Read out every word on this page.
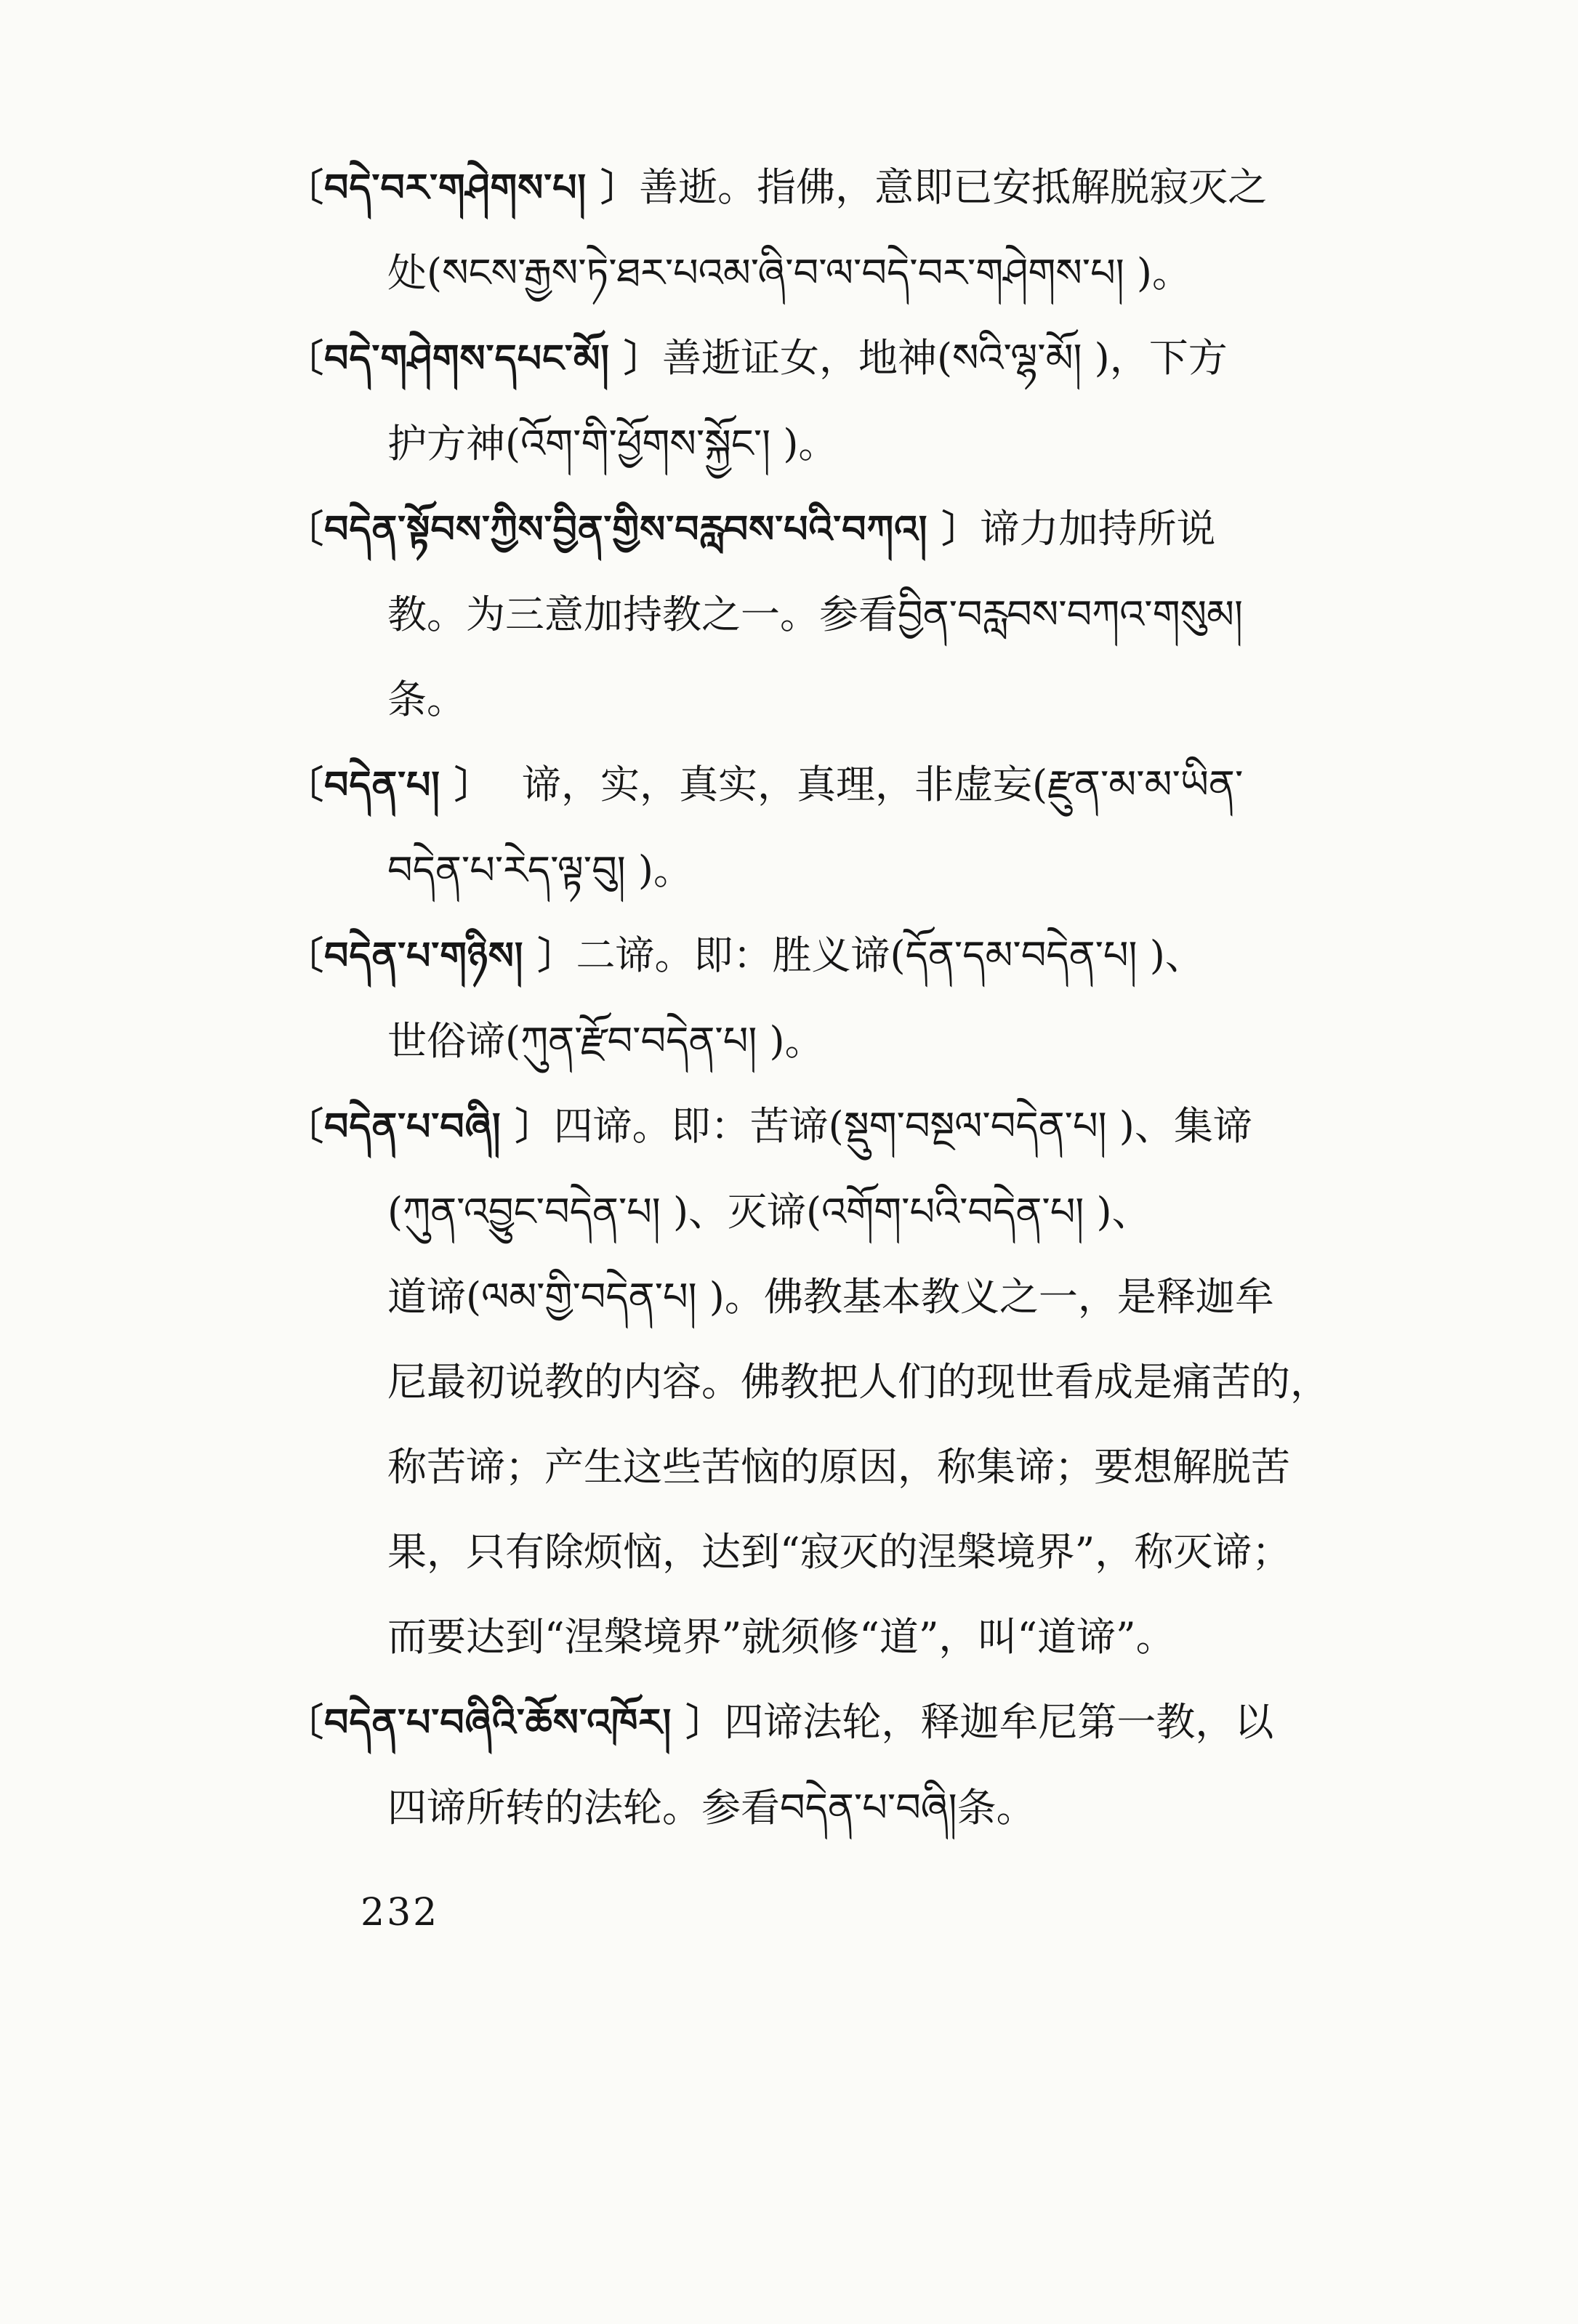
〔བདེ་བར་གཤེགས་པ། 〕善逝。指佛，意即已安抵解脱寂灭之
处(སངས་རྒྱས་ཏེ་ཐར་པའམ་ཞི་བ་ལ་བདེ་བར་གཤེགས་པ། )。
〔བདེ་གཤེགས་དཔང་མོ། 〕善逝证女，地神(སའི་ལྷ་མོ། )，下方
护方神(འོག་གི་ཕྱོགས་སྐྱོང་། )。
〔བདེན་སྟོབས་ཀྱིས་བྱིན་གྱིས་བརླབས་པའི་བཀའ། 〕谛力加持所说
教。为三意加持教之一。参看བྱིན་བརླབས་བཀའ་གསུམ།
条。
〔བདེན་པ། 〕 谛，实，真实，真理，非虚妄(རྫུན་མ་མ་ཡིན་
བདེན་པ་རེད་ལྟ་བུ། )。
〔བདེན་པ་གཉིས། 〕二谛。即：胜义谛(དོན་དམ་བདེན་པ། )、
世俗谛(ཀུན་རྫོབ་བདེན་པ། )。
〔བདེན་པ་བཞི། 〕四谛。即：苦谛(སྡུག་བསྔལ་བདེན་པ། )、集谛
(ཀུན་འབྱུང་བདེན་པ། )、灭谛(འགོག་པའི་བདེན་པ། )、
道谛(ལམ་གྱི་བདེན་པ། )。佛教基本教义之一，是释迦牟
尼最初说教的内容。佛教把人们的现世看成是痛苦的，
称苦谛；产生这些苦恼的原因，称集谛；要想解脱苦
果，只有除烦恼，达到“寂灭的涅槃境界”，称灭谛；
而要达到“涅槃境界”就须修“道”，叫“道谛”。
〔བདེན་པ་བཞིའི་ཆོས་འཁོར། 〕四谛法轮，释迦牟尼第一教，以
四谛所转的法轮。参看བདེན་པ་བཞི།条。
232
